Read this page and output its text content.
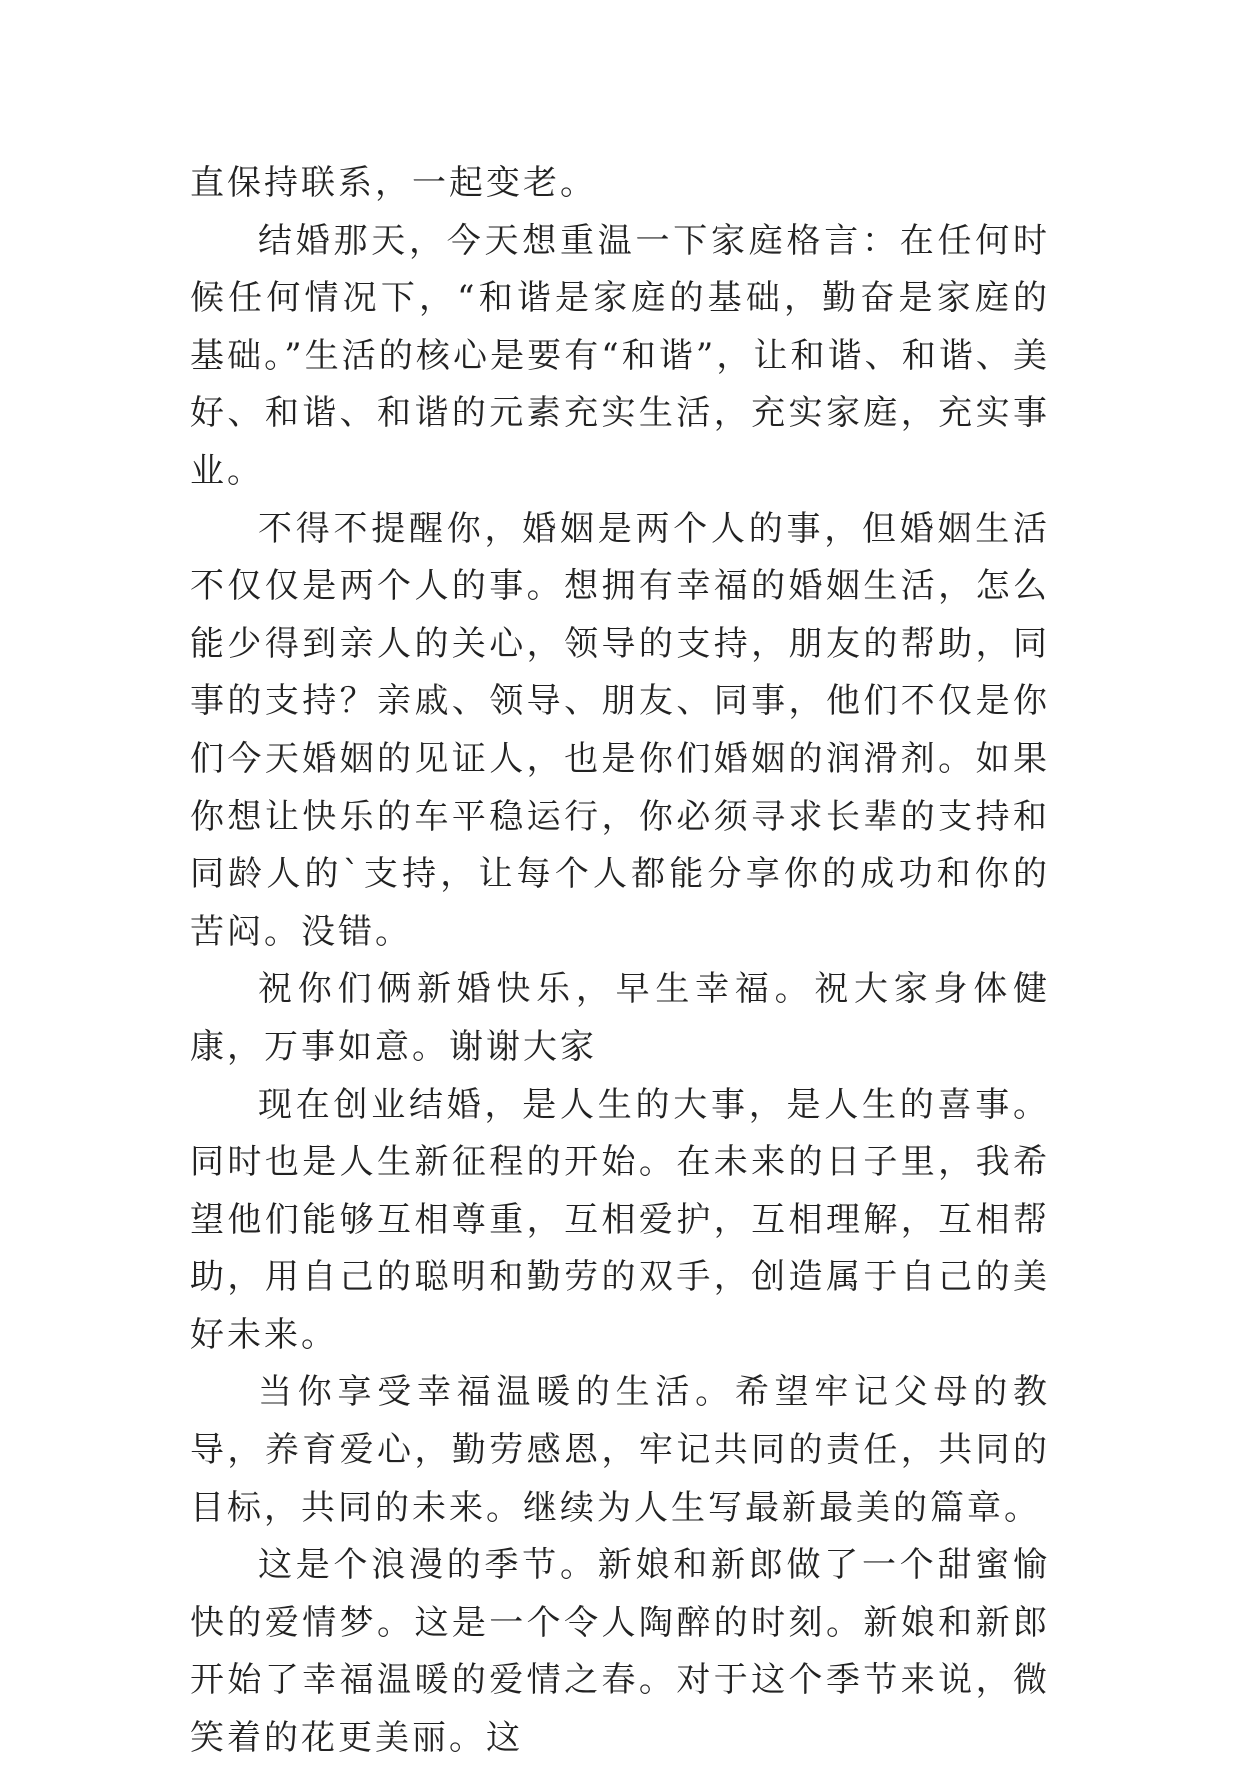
直保持联系，一起变老。

结婚那天，今天想重温一下家庭格言：在任何时候任何情况下，“和谐是家庭的基础，勤奋是家庭的基础。”生活的核心是要有“和谐”，让和谐、和谐、美好、和谐、和谐的元素充实生活，充实家庭，充实事业。

不得不提醒你，婚姻是两个人的事，但婚姻生活不仅仅是两个人的事。想拥有幸福的婚姻生活，怎么能少得到亲人的关心，领导的支持，朋友的帮助，同事的支持？亲戚、领导、朋友、同事，他们不仅是你们今天婚姻的见证人，也是你们婚姻的润滑剂。如果你想让快乐的车平稳运行，你必须寻求长辈的支持和同龄人的`支持，让每个人都能分享你的成功和你的苦闷。没错。

祝你们俩新婚快乐，早生幸福。祝大家身体健康，万事如意。谢谢大家

现在创业结婚，是人生的大事，是人生的喜事。同时也是人生新征程的开始。在未来的日子里，我希望他们能够互相尊重，互相爱护，互相理解，互相帮助，用自己的聪明和勤劳的双手，创造属于自己的美好未来。

当你享受幸福温暖的生活。希望牢记父母的教导，养育爱心，勤劳感恩，牢记共同的责任，共同的目标，共同的未来。继续为人生写最新最美的篇章。

这是个浪漫的季节。新娘和新郎做了一个甜蜜愉快的爱情梦。这是一个令人陶醉的时刻。新娘和新郎开始了幸福温暖的爱情之春。对于这个季节来说，微笑着的花更美丽。这
